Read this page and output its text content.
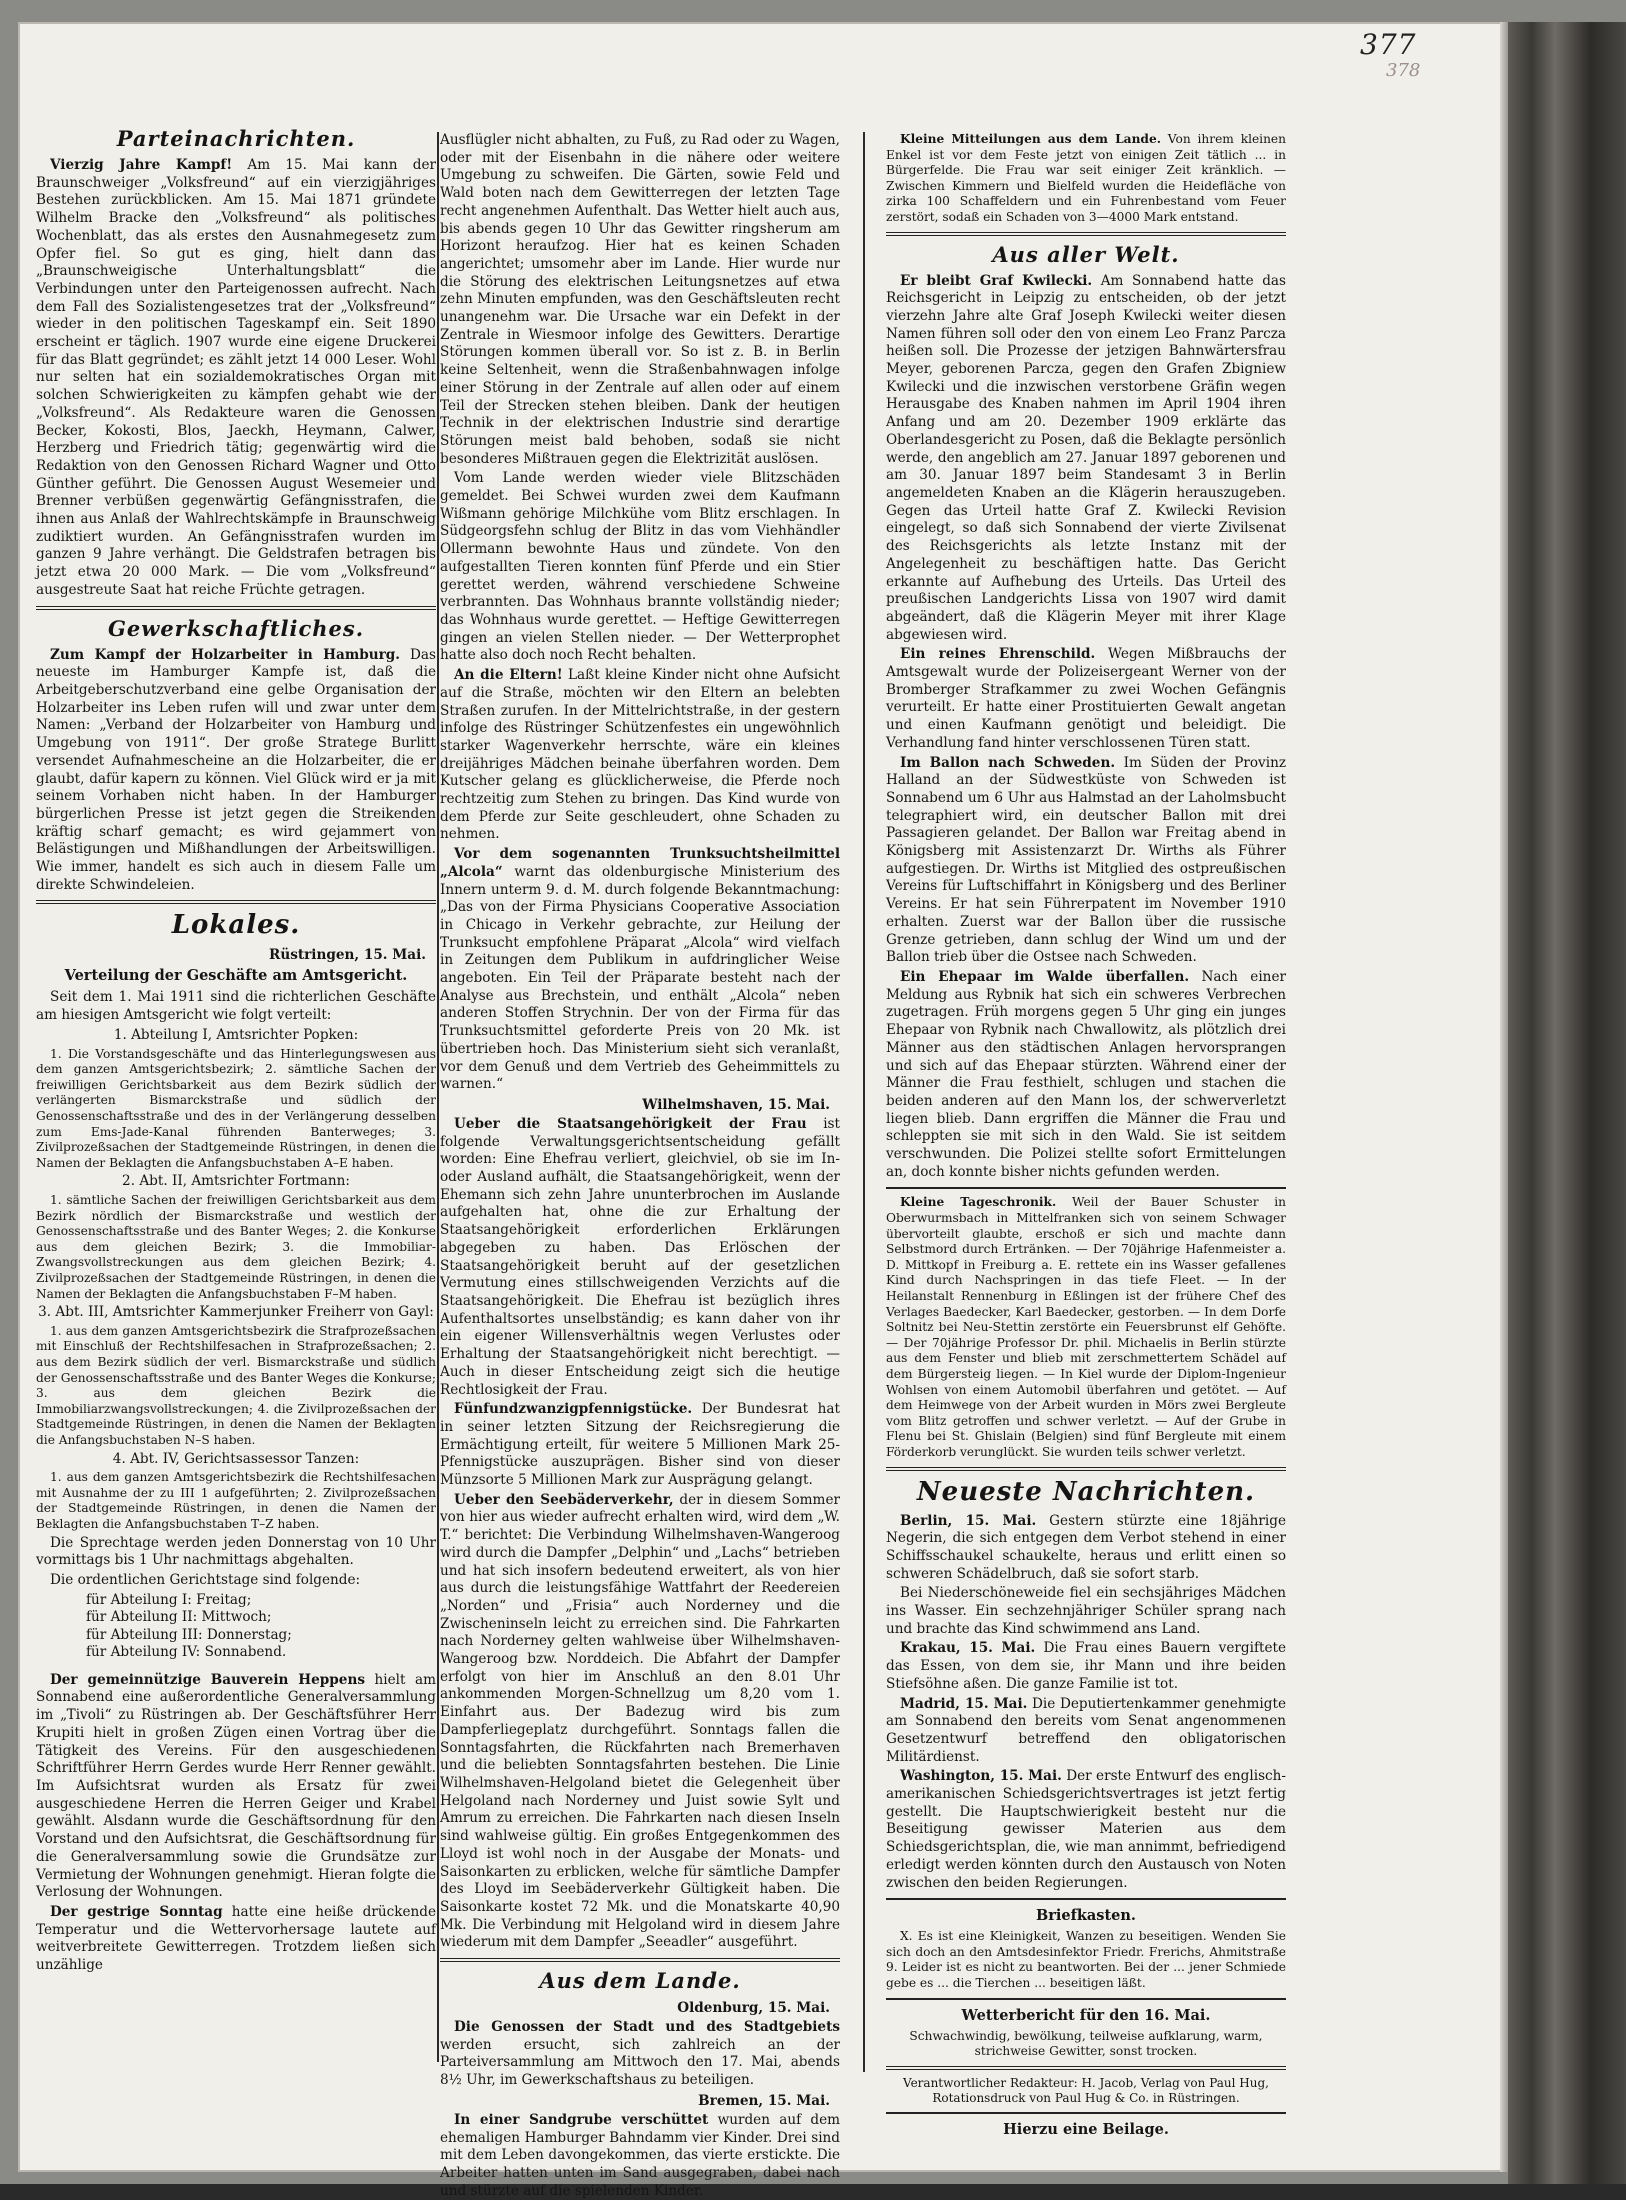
377
378
Parteinachrichten.

Vierzig Jahre Kampf! Am 15. Mai kann der Braunschweiger „Volksfreund“ auf ein vierzigjähriges Bestehen zurückblicken. Am 15. Mai 1871 gründete Wilhelm Bracke den „Volksfreund“ als politisches Wochenblatt, das als erstes den Ausnahmegesetz zum Opfer fiel. So gut es ging, hielt dann das „Braunschweigische Unterhaltungsblatt“ die Verbindungen unter den Parteigenossen aufrecht. Nach dem Fall des Sozialistengesetzes trat der „Volksfreund“ wieder in den politischen Tageskampf ein. Seit 1890 erscheint er täglich. 1907 wurde eine eigene Druckerei für das Blatt gegründet; es zählt jetzt 14 000 Leser. Wohl nur selten hat ein sozialdemokratisches Organ mit solchen Schwierigkeiten zu kämpfen gehabt wie der „Volksfreund“. Als Redakteure waren die Genossen Becker, Kokosti, Blos, Jaeckh, Heymann, Calwer, Herzberg und Friedrich tätig; gegenwärtig wird die Redaktion von den Genossen Richard Wagner und Otto Günther geführt. Die Genossen August Wesemeier und Brenner verbüßen gegenwärtig Gefängnisstrafen, die ihnen aus Anlaß der Wahlrechtskämpfe in Braunschweig zudiktiert wurden. An Gefängnisstrafen wurden im ganzen 9 Jahre verhängt. Die Geldstrafen betragen bis jetzt etwa 20 000 Mark. — Die vom „Volksfreund“ ausgestreute Saat hat reiche Früchte getragen.

Gewerkschaftliches.

Zum Kampf der Holzarbeiter in Hamburg. Das neueste im Hamburger Kampfe ist, daß die Arbeitgeberschutzverband eine gelbe Organisation der Holzarbeiter ins Leben rufen will und zwar unter dem Namen: „Verband der Holzarbeiter von Hamburg und Umgebung von 1911“. Der große Stratege Burlitt versendet Aufnahmescheine an die Holzarbeiter, die er glaubt, dafür kapern zu können. Viel Glück wird er ja mit seinem Vorhaben nicht haben. In der Hamburger bürgerlichen Presse ist jetzt gegen die Streikenden kräftig scharf gemacht; es wird gejammert von Belästigungen und Mißhandlungen der Arbeitswilligen. Wie immer, handelt es sich auch in diesem Falle um direkte Schwindeleien.

Lokales.
Rüstringen, 15. Mai.
Verteilung der Geschäfte am Amtsgericht.

Seit dem 1. Mai 1911 sind die richterlichen Geschäfte am hiesigen Amtsgericht wie folgt verteilt:

1. Abteilung I, Amtsrichter Popken:

1. Die Vorstandsgeschäfte und das Hinterlegungswesen aus dem ganzen Amtsgerichtsbezirk; 2. sämtliche Sachen der freiwilligen Gerichtsbarkeit aus dem Bezirk südlich der verlängerten Bismarckstraße und südlich der Genossenschaftsstraße und des in der Verlängerung desselben zum Ems-Jade-Kanal führenden Banterweges; 3. Zivilprozeßsachen der Stadtgemeinde Rüstringen, in denen die Namen der Beklagten die Anfangsbuchstaben A–E haben.

2. Abt. II, Amtsrichter Fortmann:

1. sämtliche Sachen der freiwilligen Gerichtsbarkeit aus dem Bezirk nördlich der Bismarckstraße und westlich der Genossenschaftsstraße und des Banter Weges; 2. die Konkurse aus dem gleichen Bezirk; 3. die Immobiliar-Zwangsvollstreckungen aus dem gleichen Bezirk; 4. Zivilprozeßsachen der Stadtgemeinde Rüstringen, in denen die Namen der Beklagten die Anfangsbuchstaben F–M haben.

3. Abt. III, Amtsrichter Kammerjunker Freiherr von Gayl:

1. aus dem ganzen Amtsgerichtsbezirk die Strafprozeßsachen mit Einschluß der Rechtshilfesachen in Strafprozeßsachen; 2. aus dem Bezirk südlich der verl. Bismarckstraße und südlich der Genossenschaftsstraße und des Banter Weges die Konkurse; 3. aus dem gleichen Bezirk die Immobiliarzwangsvollstreckungen; 4. die Zivilprozeßsachen der Stadtgemeinde Rüstringen, in denen die Namen der Beklagten die Anfangsbuchstaben N–S haben.

4. Abt. IV, Gerichtsassessor Tanzen:

1. aus dem ganzen Amtsgerichtsbezirk die Rechtshilfesachen mit Ausnahme der zu III 1 aufgeführten; 2. Zivilprozeßsachen der Stadtgemeinde Rüstringen, in denen die Namen der Beklagten die Anfangsbuchstaben T–Z haben.

Die Sprechtage werden jeden Donnerstag von 10 Uhr vormittags bis 1 Uhr nachmittags abgehalten.

Die ordentlichen Gerichtstage sind folgende:

für Abteilung I: Freitag;
für Abteilung II: Mittwoch;
für Abteilung III: Donnerstag;
für Abteilung IV: Sonnabend.

Der gemeinnützige Bauverein Heppens hielt am Sonnabend eine außerordentliche Generalversammlung im „Tivoli“ zu Rüstringen ab. Der Geschäftsführer Herr Krupiti hielt in großen Zügen einen Vortrag über die Tätigkeit des Vereins. Für den ausgeschiedenen Schriftführer Herrn Gerdes wurde Herr Renner gewählt. Im Aufsichtsrat wurden als Ersatz für zwei ausgeschiedene Herren die Herren Geiger und Krabel gewählt. Alsdann wurde die Geschäftsordnung für den Vorstand und den Aufsichtsrat, die Geschäftsordnung für die Generalversammlung sowie die Grundsätze zur Vermietung der Wohnungen genehmigt. Hieran folgte die Verlosung der Wohnungen.

Der gestrige Sonntag hatte eine heiße drückende Temperatur und die Wettervorhersage lautete auf weitverbreitete Gewitterregen. Trotzdem ließen sich unzählige

Ausflügler nicht abhalten, zu Fuß, zu Rad oder zu Wagen, oder mit der Eisenbahn in die nähere oder weitere Umgebung zu schweifen. Die Gärten, sowie Feld und Wald boten nach dem Gewitterregen der letzten Tage recht angenehmen Aufenthalt. Das Wetter hielt auch aus, bis abends gegen 10 Uhr das Gewitter ringsherum am Horizont heraufzog. Hier hat es keinen Schaden angerichtet; umsomehr aber im Lande. Hier wurde nur die Störung des elektrischen Leitungsnetzes auf etwa zehn Minuten empfunden, was den Geschäftsleuten recht unangenehm war. Die Ursache war ein Defekt in der Zentrale in Wiesmoor infolge des Gewitters. Derartige Störungen kommen überall vor. So ist z. B. in Berlin keine Seltenheit, wenn die Straßenbahnwagen infolge einer Störung in der Zentrale auf allen oder auf einem Teil der Strecken stehen bleiben. Dank der heutigen Technik in der elektrischen Industrie sind derartige Störungen meist bald behoben, sodaß sie nicht besonderes Mißtrauen gegen die Elektrizität auslösen.

Vom Lande werden wieder viele Blitzschäden gemeldet. Bei Schwei wurden zwei dem Kaufmann Wißmann gehörige Milchkühe vom Blitz erschlagen. In Südgeorgsfehn schlug der Blitz in das vom Viehhändler Ollermann bewohnte Haus und zündete. Von den aufgestallten Tieren konnten fünf Pferde und ein Stier gerettet werden, während verschiedene Schweine verbrannten. Das Wohnhaus brannte vollständig nieder; das Wohnhaus wurde gerettet. — Heftige Gewitterregen gingen an vielen Stellen nieder. — Der Wetterprophet hatte also doch noch Recht behalten.

An die Eltern! Laßt kleine Kinder nicht ohne Aufsicht auf die Straße, möchten wir den Eltern an belebten Straßen zurufen. In der Mittelrichtstraße, in der gestern infolge des Rüstringer Schützenfestes ein ungewöhnlich starker Wagenverkehr herrschte, wäre ein kleines dreijähriges Mädchen beinahe überfahren worden. Dem Kutscher gelang es glücklicherweise, die Pferde noch rechtzeitig zum Stehen zu bringen. Das Kind wurde von dem Pferde zur Seite geschleudert, ohne Schaden zu nehmen.

Vor dem sogenannten Trunksuchtsheilmittel „Alcola“ warnt das oldenburgische Ministerium des Innern unterm 9. d. M. durch folgende Bekanntmachung: „Das von der Firma Physicians Cooperative Association in Chicago in Verkehr gebrachte, zur Heilung der Trunksucht empfohlene Präparat „Alcola“ wird vielfach in Zeitungen dem Publikum in aufdringlicher Weise angeboten. Ein Teil der Präparate besteht nach der Analyse aus Brechstein, und enthält „Alcola“ neben anderen Stoffen Strychnin. Der von der Firma für das Trunksuchtsmittel geforderte Preis von 20 Mk. ist übertrieben hoch. Das Ministerium sieht sich veranlaßt, vor dem Genuß und dem Vertrieb des Geheimmittels zu warnen.“

Wilhelmshaven, 15. Mai.

Ueber die Staatsangehörigkeit der Frau ist folgende Verwaltungsgerichtsentscheidung gefällt worden: Eine Ehefrau verliert, gleichviel, ob sie im In- oder Ausland aufhält, die Staatsangehörigkeit, wenn der Ehemann sich zehn Jahre ununterbrochen im Auslande aufgehalten hat, ohne die zur Erhaltung der Staatsangehörigkeit erforderlichen Erklärungen abgegeben zu haben. Das Erlöschen der Staatsangehörigkeit beruht auf der gesetzlichen Vermutung eines stillschweigenden Verzichts auf die Staatsangehörigkeit. Die Ehefrau ist bezüglich ihres Aufenthaltsortes unselbständig; es kann daher von ihr ein eigener Willensverhältnis wegen Verlustes oder Erhaltung der Staatsangehörigkeit nicht berechtigt. — Auch in dieser Entscheidung zeigt sich die heutige Rechtlosigkeit der Frau.

Fünfundzwanzigpfennigstücke. Der Bundesrat hat in seiner letzten Sitzung der Reichsregierung die Ermächtigung erteilt, für weitere 5 Millionen Mark 25-Pfennigstücke auszuprägen. Bisher sind von dieser Münzsorte 5 Millionen Mark zur Ausprägung gelangt.

Ueber den Seebäderverkehr, der in diesem Sommer von hier aus wieder aufrecht erhalten wird, wird dem „W. T.“ berichtet: Die Verbindung Wilhelmshaven-Wangeroog wird durch die Dampfer „Delphin“ und „Lachs“ betrieben und hat sich insofern bedeutend erweitert, als von hier aus durch die leistungsfähige Wattfahrt der Reedereien „Norden“ und „Frisia“ auch Norderney und die Zwischeninseln leicht zu erreichen sind. Die Fahrkarten nach Norderney gelten wahlweise über Wilhelmshaven-Wangeroog bzw. Norddeich. Die Abfahrt der Dampfer erfolgt von hier im Anschluß an den 8.01 Uhr ankommenden Morgen-Schnellzug um 8,20 vom 1. Einfahrt aus. Der Badezug wird bis zum Dampferliegeplatz durchgeführt. Sonntags fallen die Sonntagsfahrten, die Rückfahrten nach Bremerhaven und die beliebten Sonntagsfahrten bestehen. Die Linie Wilhelmshaven-Helgoland bietet die Gelegenheit über Helgoland nach Norderney und Juist sowie Sylt und Amrum zu erreichen. Die Fahrkarten nach diesen Inseln sind wahlweise gültig. Ein großes Entgegenkommen des Lloyd ist wohl noch in der Ausgabe der Monats- und Saisonkarten zu erblicken, welche für sämtliche Dampfer des Lloyd im Seebäderverkehr Gültigkeit haben. Die Saisonkarte kostet 72 Mk. und die Monatskarte 40,90 Mk. Die Verbindung mit Helgoland wird in diesem Jahre wiederum mit dem Dampfer „Seeadler“ ausgeführt.

Aus dem Lande.
Oldenburg, 15. Mai.

Die Genossen der Stadt und des Stadtgebiets werden ersucht, sich zahlreich an der Parteiversammlung am Mittwoch den 17. Mai, abends 8½ Uhr, im Gewerkschaftshaus zu beteiligen.

Bremen, 15. Mai.

In einer Sandgrube verschüttet wurden auf dem ehemaligen Hamburger Bahndamm vier Kinder. Drei sind mit dem Leben davongekommen, das vierte erstickte. Die Arbeiter hatten unten im Sand ausgegraben, dabei nach und stürzte auf die spielenden Kinder.

Kleine Mitteilungen aus dem Lande. Von ihrem kleinen Enkel ist vor dem Feste jetzt von einigen Zeit tätlich ... in Bürgerfelde. Die Frau war seit einiger Zeit kränklich. — Zwischen Kimmern und Bielfeld wurden die Heidefläche von zirka 100 Schaffeldern und ein Fuhrenbestand vom Feuer zerstört, sodaß ein Schaden von 3—4000 Mark entstand.

Aus aller Welt.

Er bleibt Graf Kwilecki. Am Sonnabend hatte das Reichsgericht in Leipzig zu entscheiden, ob der jetzt vierzehn Jahre alte Graf Joseph Kwilecki weiter diesen Namen führen soll oder den von einem Leo Franz Parcza heißen soll. Die Prozesse der jetzigen Bahnwärtersfrau Meyer, geborenen Parcza, gegen den Grafen Zbigniew Kwilecki und die inzwischen verstorbene Gräfin wegen Herausgabe des Knaben nahmen im April 1904 ihren Anfang und am 20. Dezember 1909 erklärte das Oberlandesgericht zu Posen, daß die Beklagte persönlich werde, den angeblich am 27. Januar 1897 geborenen und am 30. Januar 1897 beim Standesamt 3 in Berlin angemeldeten Knaben an die Klägerin herauszugeben. Gegen das Urteil hatte Graf Z. Kwilecki Revision eingelegt, so daß sich Sonnabend der vierte Zivilsenat des Reichsgerichts als letzte Instanz mit der Angelegenheit zu beschäftigen hatte. Das Gericht erkannte auf Aufhebung des Urteils. Das Urteil des preußischen Landgerichts Lissa von 1907 wird damit abgeändert, daß die Klägerin Meyer mit ihrer Klage abgewiesen wird.

Ein reines Ehrenschild. Wegen Mißbrauchs der Amtsgewalt wurde der Polizeisergeant Werner von der Bromberger Strafkammer zu zwei Wochen Gefängnis verurteilt. Er hatte einer Prostituierten Gewalt angetan und einen Kaufmann genötigt und beleidigt. Die Verhandlung fand hinter verschlossenen Türen statt.

Im Ballon nach Schweden. Im Süden der Provinz Halland an der Südwestküste von Schweden ist Sonnabend um 6 Uhr aus Halmstad an der Laholmsbucht telegraphiert wird, ein deutscher Ballon mit drei Passagieren gelandet. Der Ballon war Freitag abend in Königsberg mit Assistenzarzt Dr. Wirths als Führer aufgestiegen. Dr. Wirths ist Mitglied des ostpreußischen Vereins für Luftschiffahrt in Königsberg und des Berliner Vereins. Er hat sein Führerpatent im November 1910 erhalten. Zuerst war der Ballon über die russische Grenze getrieben, dann schlug der Wind um und der Ballon trieb über die Ostsee nach Schweden.

Ein Ehepaar im Walde überfallen. Nach einer Meldung aus Rybnik hat sich ein schweres Verbrechen zugetragen. Früh morgens gegen 5 Uhr ging ein junges Ehepaar von Rybnik nach Chwallowitz, als plötzlich drei Männer aus den städtischen Anlagen hervorsprangen und sich auf das Ehepaar stürzten. Während einer der Männer die Frau festhielt, schlugen und stachen die beiden anderen auf den Mann los, der schwerverletzt liegen blieb. Dann ergriffen die Männer die Frau und schleppten sie mit sich in den Wald. Sie ist seitdem verschwunden. Die Polizei stellte sofort Ermittelungen an, doch konnte bisher nichts gefunden werden.

Kleine Tageschronik. Weil der Bauer Schuster in Oberwurmsbach in Mittelfranken sich von seinem Schwager übervorteilt glaubte, erschoß er sich und machte dann Selbstmord durch Ertränken. — Der 70jährige Hafenmeister a. D. Mittkopf in Freiburg a. E. rettete ein ins Wasser gefallenes Kind durch Nachspringen in das tiefe Fleet. — In der Heilanstalt Rennenburg in Eßlingen ist der frühere Chef des Verlages Baedecker, Karl Baedecker, gestorben. — In dem Dorfe Soltnitz bei Neu-Stettin zerstörte ein Feuersbrunst elf Gehöfte. — Der 70jährige Professor Dr. phil. Michaelis in Berlin stürzte aus dem Fenster und blieb mit zerschmettertem Schädel auf dem Bürgersteig liegen. — In Kiel wurde der Diplom-Ingenieur Wohlsen von einem Automobil überfahren und getötet. — Auf dem Heimwege von der Arbeit wurden in Mörs zwei Bergleute vom Blitz getroffen und schwer verletzt. — Auf der Grube in Flenu bei St. Ghislain (Belgien) sind fünf Bergleute mit einem Förderkorb verunglückt. Sie wurden teils schwer verletzt.

Neueste Nachrichten.

Berlin, 15. Mai. Gestern stürzte eine 18jährige Negerin, die sich entgegen dem Verbot stehend in einer Schiffsschaukel schaukelte, heraus und erlitt einen so schweren Schädelbruch, daß sie sofort starb.

Bei Niederschöneweide fiel ein sechsjähriges Mädchen ins Wasser. Ein sechzehnjähriger Schüler sprang nach und brachte das Kind schwimmend ans Land.

Krakau, 15. Mai. Die Frau eines Bauern vergiftete das Essen, von dem sie, ihr Mann und ihre beiden Stiefsöhne aßen. Die ganze Familie ist tot.

Madrid, 15. Mai. Die Deputiertenkammer genehmigte am Sonnabend den bereits vom Senat angenommenen Gesetzentwurf betreffend den obligatorischen Militärdienst.

Washington, 15. Mai. Der erste Entwurf des englisch-amerikanischen Schiedsgerichtsvertrages ist jetzt fertig gestellt. Die Hauptschwierigkeit besteht nur die Beseitigung gewisser Materien aus dem Schiedsgerichtsplan, die, wie man annimmt, befriedigend erledigt werden könnten durch den Austausch von Noten zwischen den beiden Regierungen.

Briefkasten.

X. Es ist eine Kleinigkeit, Wanzen zu beseitigen. Wenden Sie sich doch an den Amtsdesinfektor Friedr. Frerichs, Ahmitstraße 9. Leider ist es nicht zu beantworten. Bei der ... jener Schmiede gebe es ... die Tierchen ... beseitigen läßt.

Wetterbericht für den 16. Mai.

Schwachwindig, bewölkung, teilweise aufklarung, warm, strichweise Gewitter, sonst trocken.

Verantwortlicher Redakteur: H. Jacob, Verlag von Paul Hug, Rotationsdruck von Paul Hug & Co. in Rüstringen.
Hierzu eine Beilage.
